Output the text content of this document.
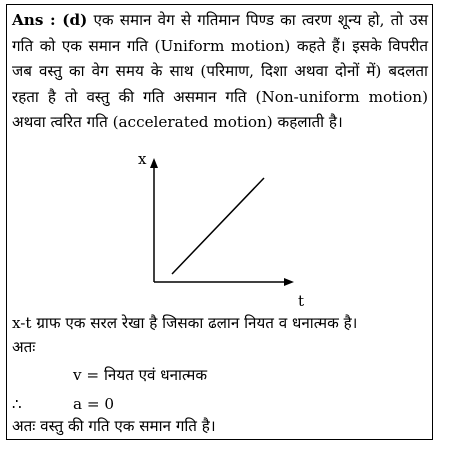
Ans : (d) एक समान वेग से गतिमान पिण्ड का त्वरण शून्य हो, तो उस गति को एक समान गति (Uniform motion) कहते हैं। इसके विपरीत जब वस्तु का वेग समय के साथ (परिमाण, दिशा अथवा दोनों में) बदलता रहता है तो वस्तु की गति असमान गति (Non-uniform motion) अथवा त्वरित गति (accelerated motion) कहलाती है।
x
t
x-t ग्राफ एक सरल रेखा है जिसका ढलान नियत व धनात्मक है।
अतः
v = नियत एवं धनात्मक
∴	a = 0
अतः वस्तु की गति एक समान गति है।
